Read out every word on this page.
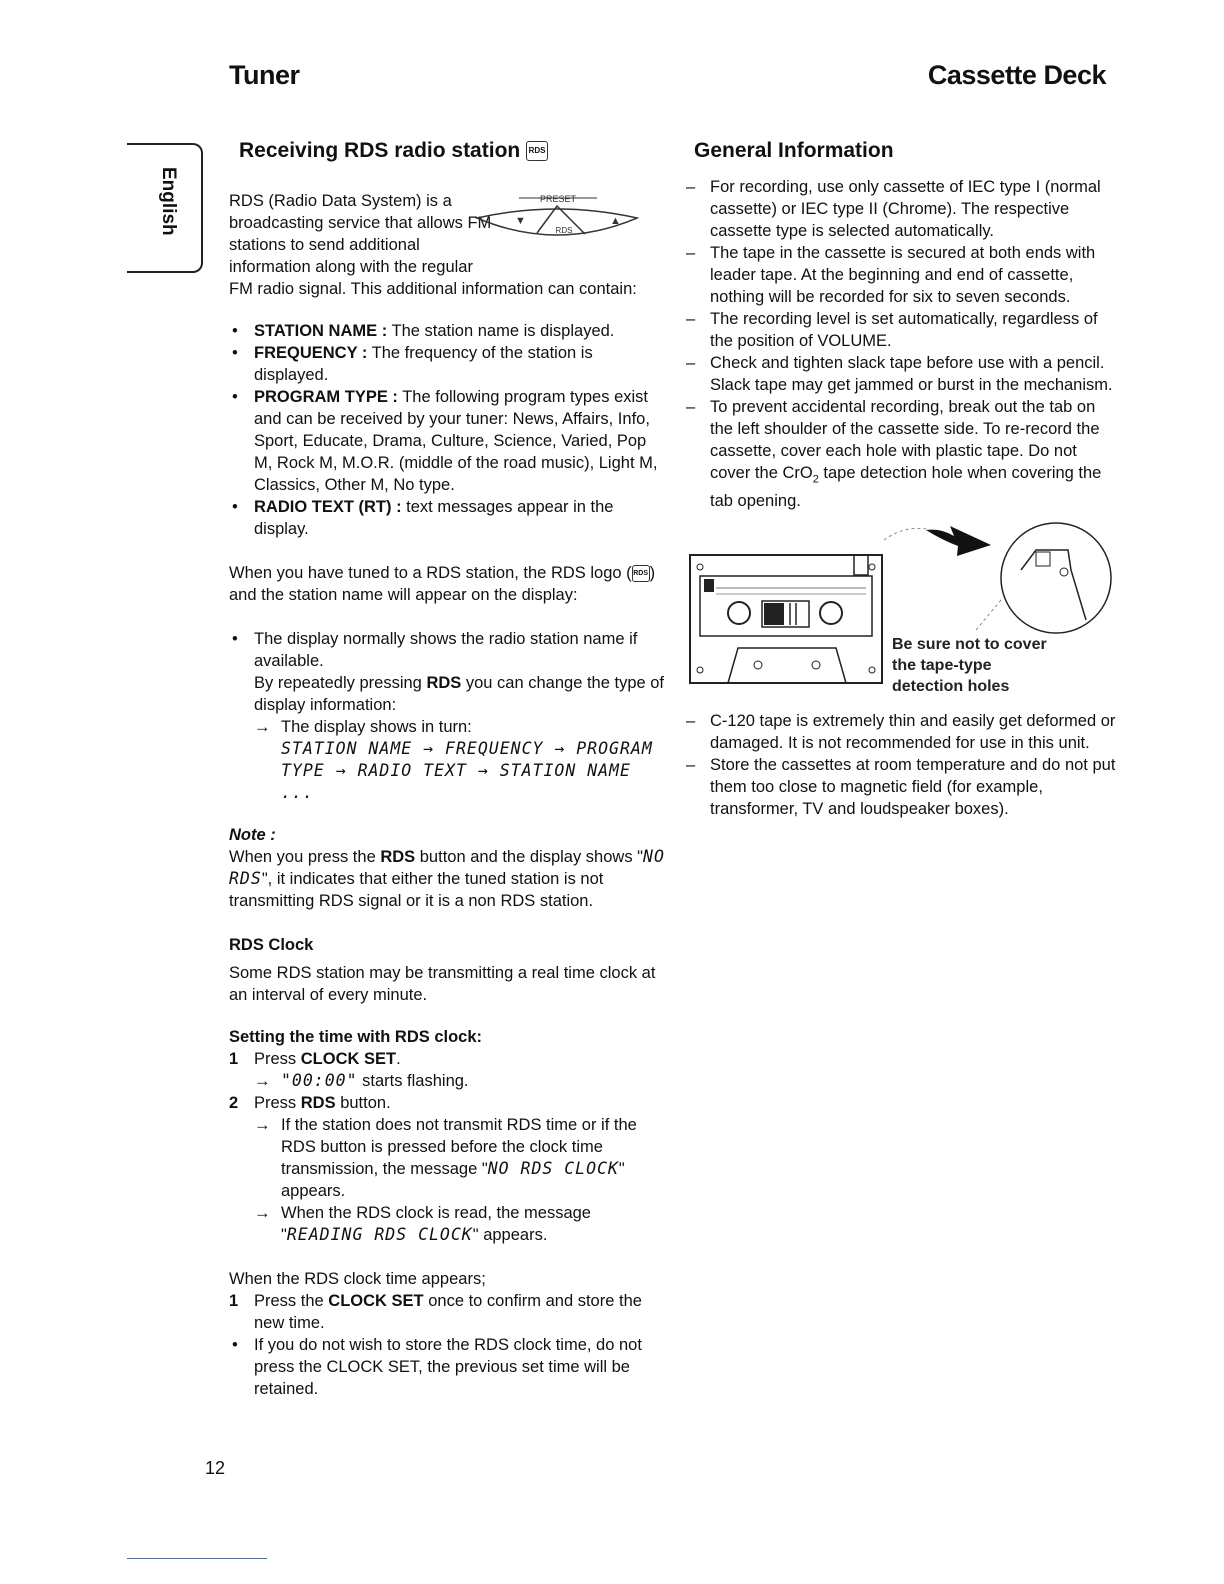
Tuner	Cassette Deck
English
Receiving RDS radio station RDS
PRESET
RDS
▼	▲

RDS (Radio Data System) is a

broadcasting service that allows FM

stations to send additional

information along with the regular

FM radio signal. This additional information can contain:

• STATION NAME : The station name is displayed.
• FREQUENCY : The frequency of the station is displayed.
• PROGRAM TYPE : The following program types exist and can be received by your tuner: News, Affairs, Info, Sport, Educate, Drama, Culture, Science, Varied, Pop M, Rock M, M.O.R. (middle of the road music), Light M, Classics, Other M, No type.
• RADIO TEXT (RT) : text messages appear in the display.

When you have tuned to a RDS station, the RDS logo ( RDS) and the station name will appear on the display:

• The display normally shows the radio station name if available.

By repeatedly pressing RDS you can change the type of display information:

→ The display shows in turn:

STATION NAME → FREQUENCY → PROGRAM TYPE → RADIO TEXT → STATION NAME ...

Note :

When you press the RDS button and the display shows "NO RDS", it indicates that either the tuned station is not transmitting RDS signal or it is a non RDS station.

RDS Clock

Some RDS station may be transmitting a real time clock at an interval of every minute.

Setting the time with RDS clock:

1 Press CLOCK SET.

→ "00:00" starts flashing.

2 Press RDS button.

→ If the station does not transmit RDS time or if the RDS button is pressed before the clock time transmission, the message "NO RDS CLOCK" appears.

→ When the RDS clock is read, the message "READING RDS CLOCK" appears.

When the RDS clock time appears;

1 Press the CLOCK SET once to confirm and store the new time.

• If you do not wish to store the RDS clock time, do not press the CLOCK SET, the previous set time will be retained.
General Information
– For recording, use only cassette of IEC type I (normal cassette) or IEC type II (Chrome). The respective cassette type is selected automatically.
– The tape in the cassette is secured at both ends with leader tape. At the beginning and end of cassette, nothing will be recorded for six to seven seconds.
– The recording level is set automatically, regardless of the position of VOLUME.
– Check and tighten slack tape before use with a pencil. Slack tape may get jammed or burst in the mechanism.
– To prevent accidental recording, break out the tab on the left shoulder of the cassette side. To re-record the cassette, cover each hole with plastic tape. Do not cover the CrO$_2$ tape detection hole when covering the tab opening.
Be sure not to cover
the tape-type
detection holes
– C-120 tape is extremely thin and easily get deformed or damaged. It is not recommended for use in this unit.
– Store the cassettes at room temperature and do not put them too close to magnetic field (for example, transformer, TV and loudspeaker boxes).
12
